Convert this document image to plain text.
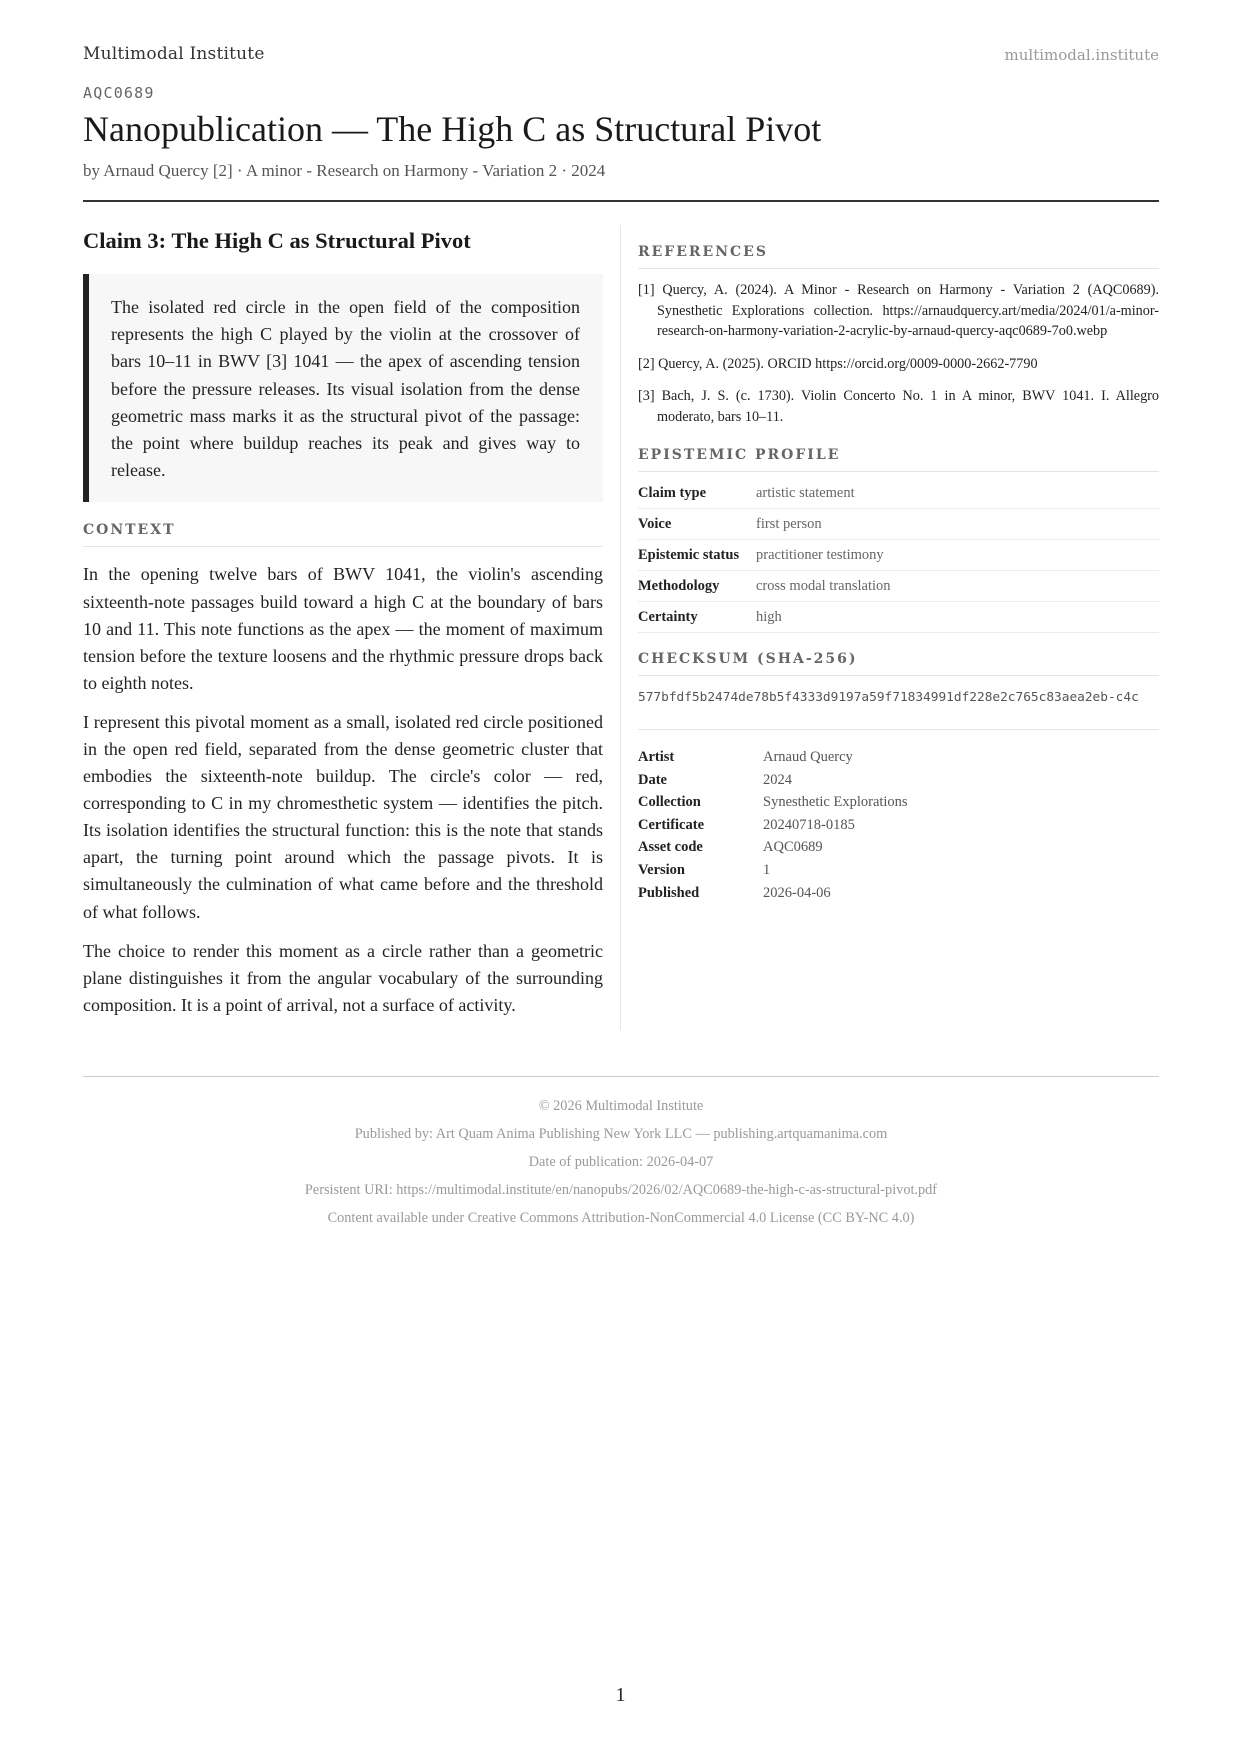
Multimodal Institute	multimodal.institute
AQC0689
Nanopublication — The High C as Structural Pivot
by Arnaud Quercy [2] · A minor - Research on Harmony - Variation 2 · 2024
Claim 3: The High C as Structural Pivot
The isolated red circle in the open field of the composition represents the high C played by the violin at the crossover of bars 10–11 in BWV [3] 1041 — the apex of ascending tension before the pressure releases. Its visual isolation from the dense geometric mass marks it as the structural pivot of the passage: the point where buildup reaches its peak and gives way to release.
CONTEXT

In the opening twelve bars of BWV 1041, the violin's ascending sixteenth-note passages build toward a high C at the boundary of bars 10 and 11. This note functions as the apex — the moment of maximum tension before the texture loosens and the rhythmic pressure drops back to eighth notes.

I represent this pivotal moment as a small, isolated red circle positioned in the open red field, separated from the dense geometric cluster that embodies the sixteenth-note buildup. The circle's color — red, corresponding to C in my chromesthetic system — identifies the pitch. Its isolation identifies the structural function: this is the note that stands apart, the turning point around which the passage pivots. It is simultaneously the culmination of what came before and the threshold of what follows.

The choice to render this moment as a circle rather than a geometric plane distinguishes it from the angular vocabulary of the surrounding composition. It is a point of arrival, not a surface of activity.

REFERENCES
[1] Quercy, A. (2024). A Minor - Research on Harmony - Variation 2 (AQC0689). Synesthetic Explorations collection. https://arnaudquercy.art/media/2024/01/a-minor-research-on-harmony-variation-2-acrylic-by-arnaud-quercy-aqc0689-7o0.webp
[2] Quercy, A. (2025). ORCID https://orcid.org/0009-0000-2662-7790
[3] Bach, J. S. (c. 1730). Violin Concerto No. 1 in A minor, BWV 1041. I. Allegro moderato, bars 10–11.
EPISTEMIC PROFILE
Claim type	artistic statement
Voice	first person
Epistemic status	practitioner testimony
Methodology	cross modal translation
Certainty	high
CHECKSUM (SHA-256)
577bfdf5b2474de78b5f4333d9197a59f71834991df228e2c765c83aea2eb-c4c
Artist	Arnaud Quercy
Date	2024
Collection	Synesthetic Explorations
Certificate	20240718-0185
Asset code	AQC0689
Version	1
Published	2026-04-06
© 2026 Multimodal Institute
Published by: Art Quam Anima Publishing New York LLC — publishing.artquamanima.com
Date of publication: 2026-04-07
Persistent URI: https://multimodal.institute/en/nanopubs/2026/02/AQC0689-the-high-c-as-structural-pivot.pdf
Content available under Creative Commons Attribution-NonCommercial 4.0 License (CC BY-NC 4.0)
1
